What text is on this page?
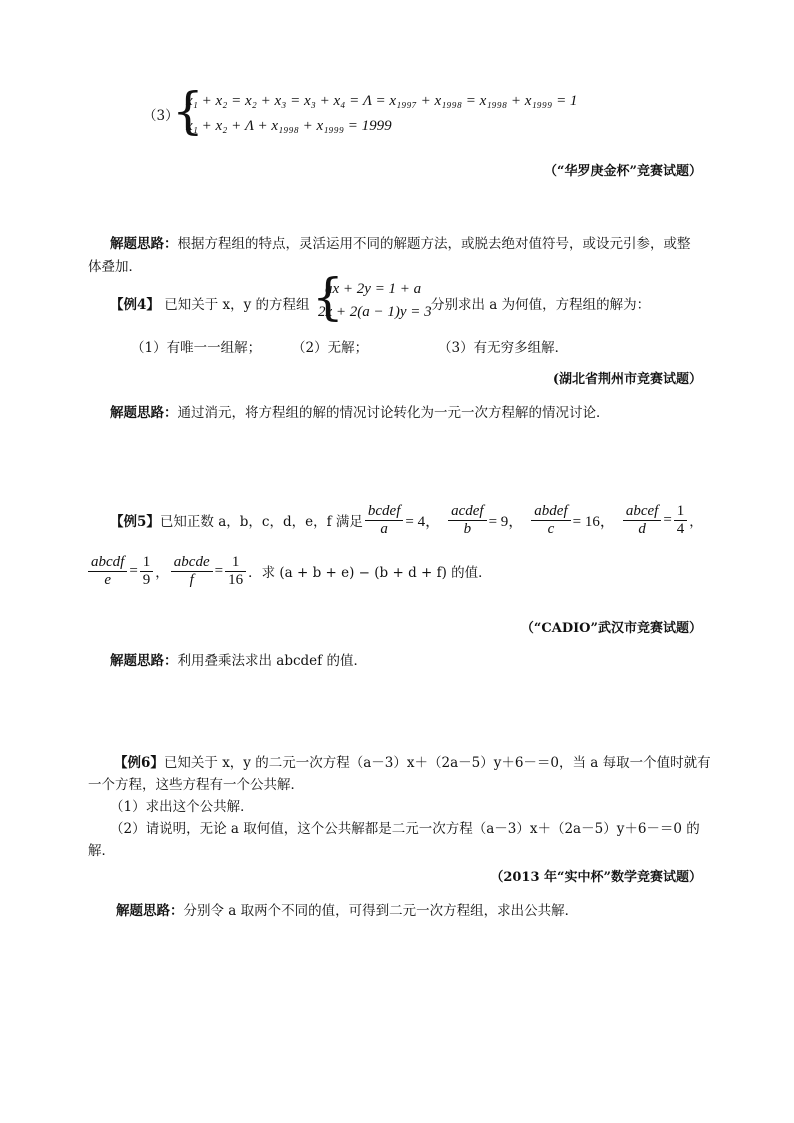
（3）
{
x₁ + x₂ = x₂ + x₃ = x₃ + x₄ = Λ = x₁₉₉₇ + x₁₉₉₈ = x₁₉₉₈ + x₁₉₉₉ = 1
x₁ + x₂ + Λ + x₁₉₉₈ + x₁₉₉₉ = 1999
（“华罗庚金杯”竞赛试题）
解题思路：根据方程组的特点，灵活运用不同的解题方法，或脱去绝对值符号，或设元引参，或整
体叠加．
【例4】 已知关于 x，y 的方程组 {
ax + 2y = 1 + a
2x + 2(a − 1)y = 3 分别求出 a 为何值，方程组的解为：
（1）有唯一一组解； （2）无解；	（3）有无穷多组解．
(湖北省荆州市竞赛试题）
解题思路：通过消元，将方程组的解的情况讨论转化为一元一次方程解的情况讨论．
【例5】 已知正数 a，b，c，d，e，f 满足 $\frac{\text{bcdef}}{a} = 4$， $\frac{\text{acdef}}{b} = 9$， $\frac{\text{abdef}}{c} = 16$， $\frac{\text{abcef}}{d} = \frac{1}{4}$ ，
$\frac{\text{abcdf}}{e} = \frac{1}{9}$ ， $\frac{\text{abcde}}{f} = \frac{1}{16}$ ．求 (a + b + e) − (b + d + f) 的值．
（“CADIO”武汉市竞赛试题）
解题思路：利用叠乘法求出 abcdef 的值．
【例6】已知关于 x，y 的二元一次方程（a－3）x＋（2a－5）y＋6－＝0，当 a 每取一个值时就有
一个方程，这些方程有一个公共解．
（1）求出这个公共解．
（2）请说明，无论 a 取何值，这个公共解都是二元一次方程（a－3）x＋（2a－5）y＋6－＝0 的
解．
（2013 年“实中杯”数学竞赛试题）
解题思路：分别令 a 取两个不同的值，可得到二元一次方程组，求出公共解．
